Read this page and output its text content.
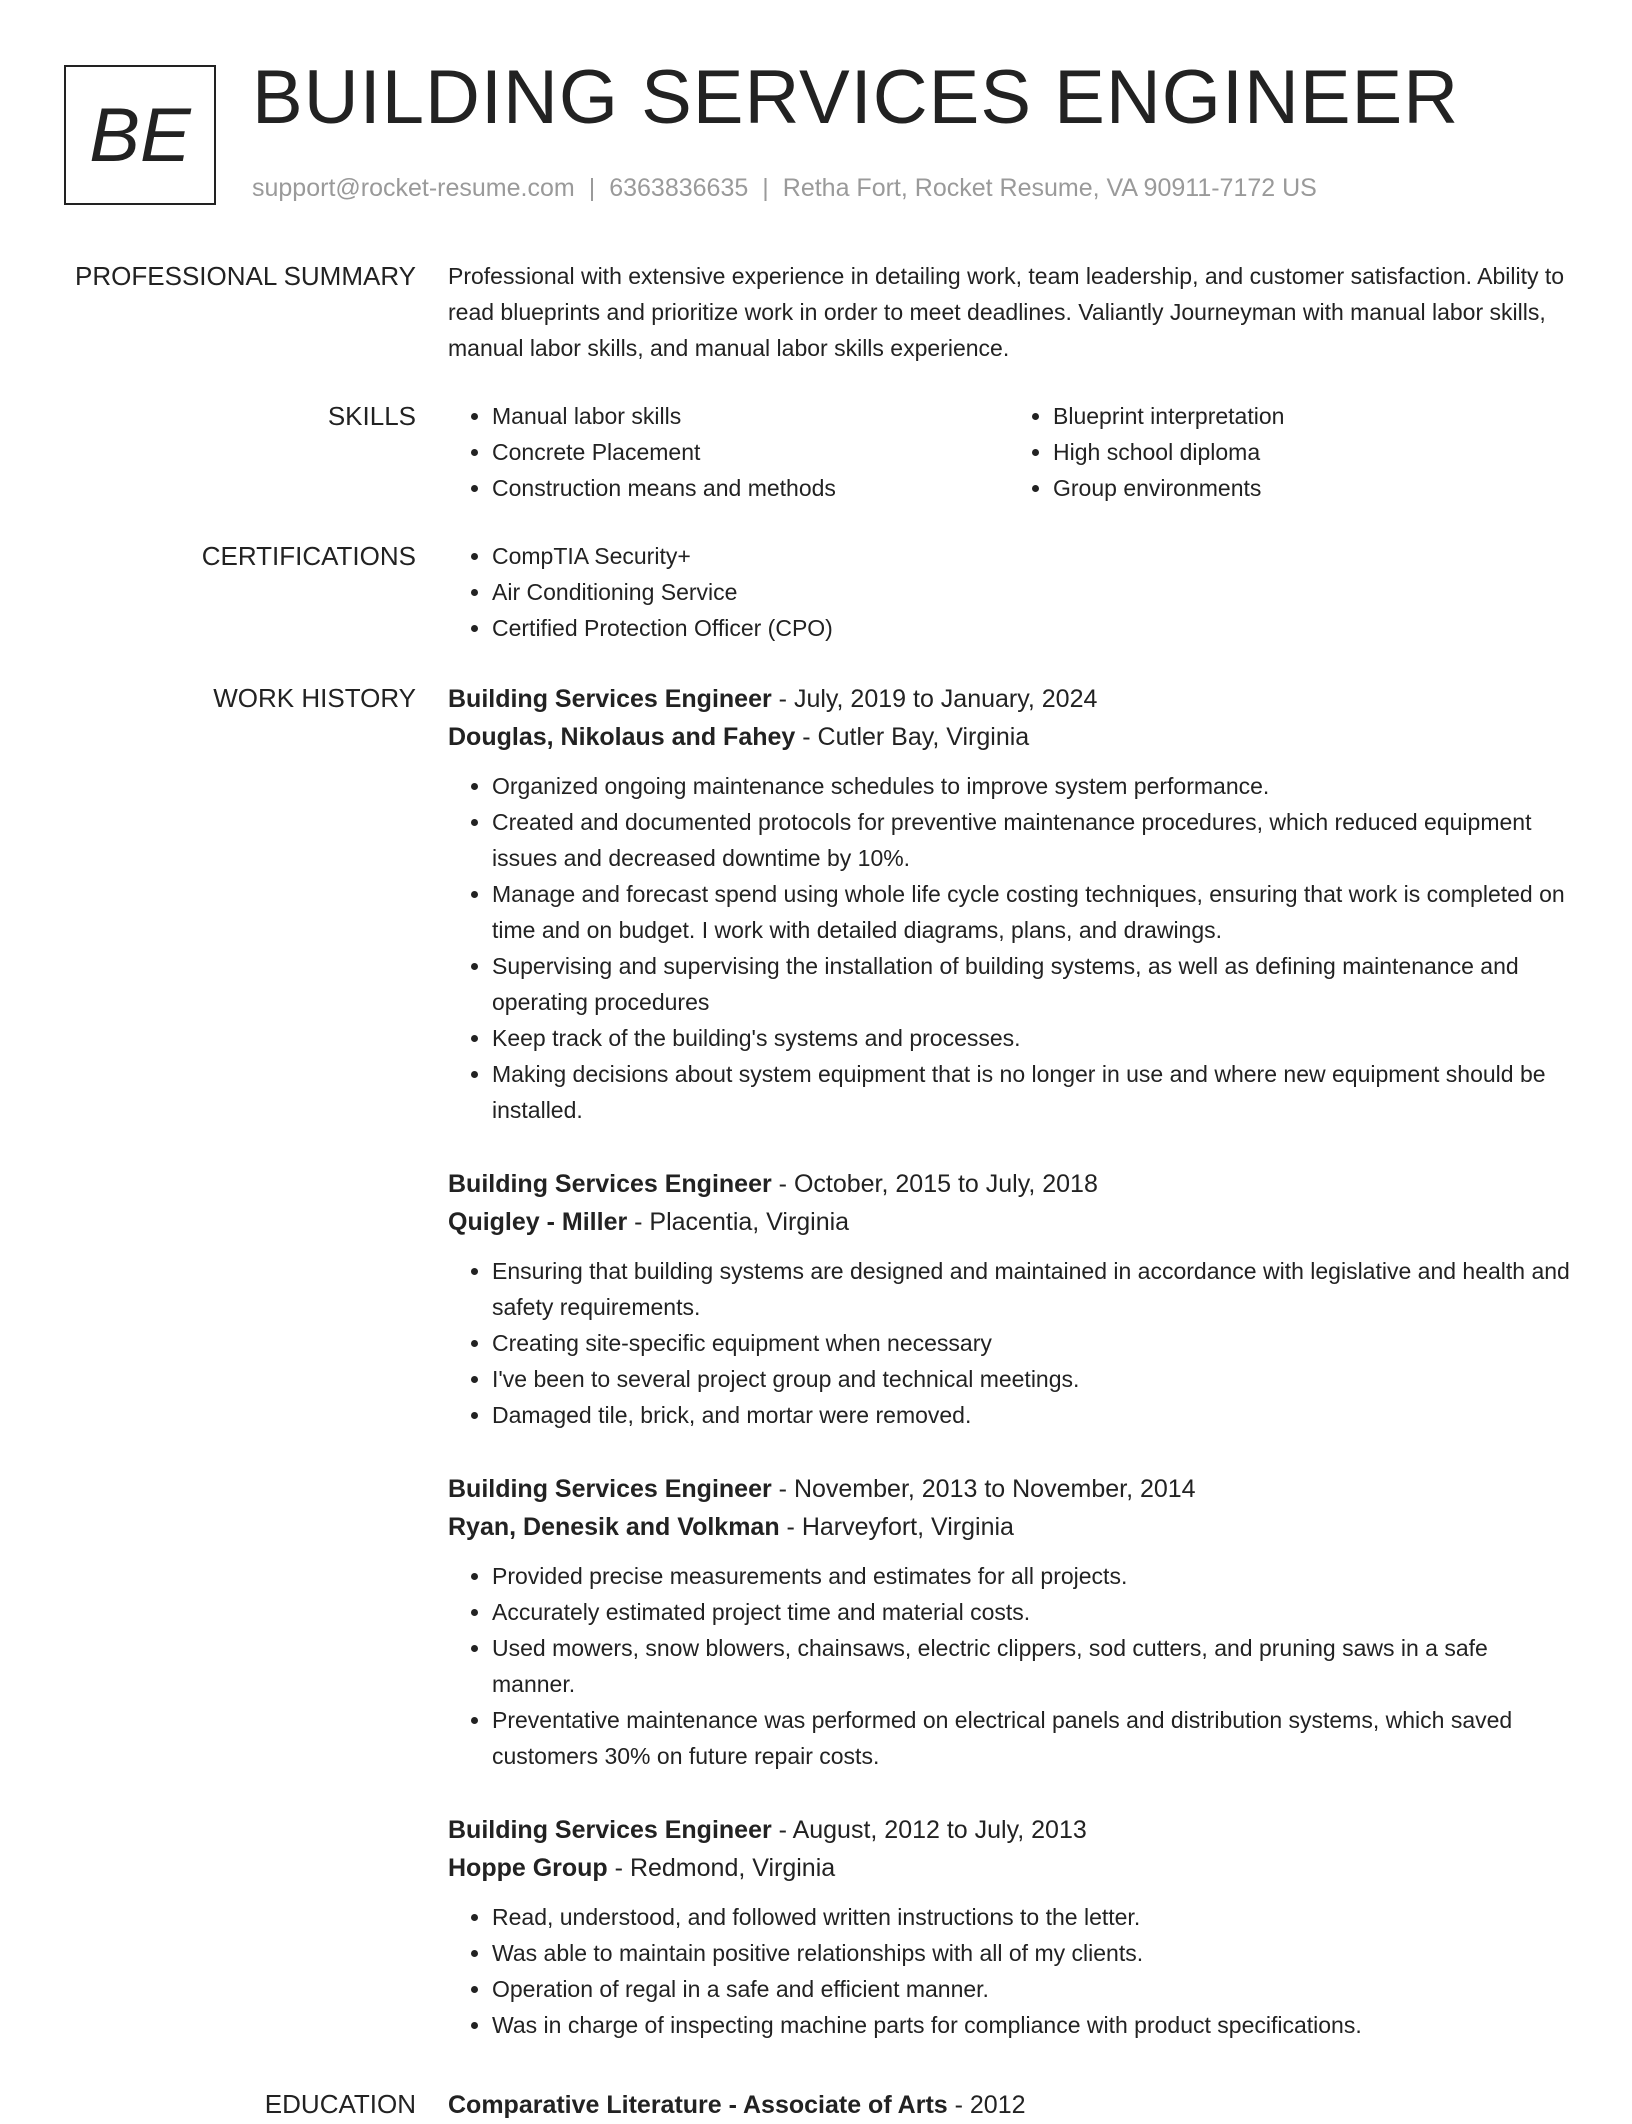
BE BUILDING SERVICES ENGINEER
support@rocket-resume.com | 6363836635 | Retha Fort, Rocket Resume, VA 90911-7172 US
PROFESSIONAL SUMMARY Professional with extensive experience in detailing work, team leadership, and customer satisfaction. Ability to read blueprints and prioritize work in order to meet deadlines. Valiantly Journeyman with manual labor skills, manual labor skills, and manual labor skills experience.
SKILLS	• Manual labor skills
• Concrete Placement
• Construction means and methods
• Blueprint interpretation
• High school diploma
• Group environments
CERTIFICATIONS	• CompTIA Security+
• Air Conditioning Service
• Certified Protection Officer (CPO)
WORK HISTORY Building Services Engineer - July, 2019 to January, 2024
Douglas, Nikolaus and Fahey - Cutler Bay, Virginia
• Organized ongoing maintenance schedules to improve system performance.
• Created and documented protocols for preventive maintenance procedures, which reduced equipment issues and decreased downtime by 10%.
• Manage and forecast spend using whole life cycle costing techniques, ensuring that work is completed on time and on budget. I work with detailed diagrams, plans, and drawings.
• Supervising and supervising the installation of building systems, as well as defining maintenance and operating procedures
• Keep track of the building's systems and processes.
• Making decisions about system equipment that is no longer in use and where new equipment should be installed.
Building Services Engineer - October, 2015 to July, 2018
Quigley - Miller - Placentia, Virginia
• Ensuring that building systems are designed and maintained in accordance with legislative and health and safety requirements.
• Creating site-specific equipment when necessary
• I've been to several project group and technical meetings.
• Damaged tile, brick, and mortar were removed.
Building Services Engineer - November, 2013 to November, 2014
Ryan, Denesik and Volkman - Harveyfort, Virginia
• Provided precise measurements and estimates for all projects.
• Accurately estimated project time and material costs.
• Used mowers, snow blowers, chainsaws, electric clippers, sod cutters, and pruning saws in a safe manner.
• Preventative maintenance was performed on electrical panels and distribution systems, which saved customers 30% on future repair costs.
Building Services Engineer - August, 2012 to July, 2013
Hoppe Group - Redmond, Virginia
• Read, understood, and followed written instructions to the letter.
• Was able to maintain positive relationships with all of my clients.
• Operation of regal in a safe and efficient manner.
• Was in charge of inspecting machine parts for compliance with product specifications.
EDUCATION Comparative Literature - Associate of Arts - 2012
